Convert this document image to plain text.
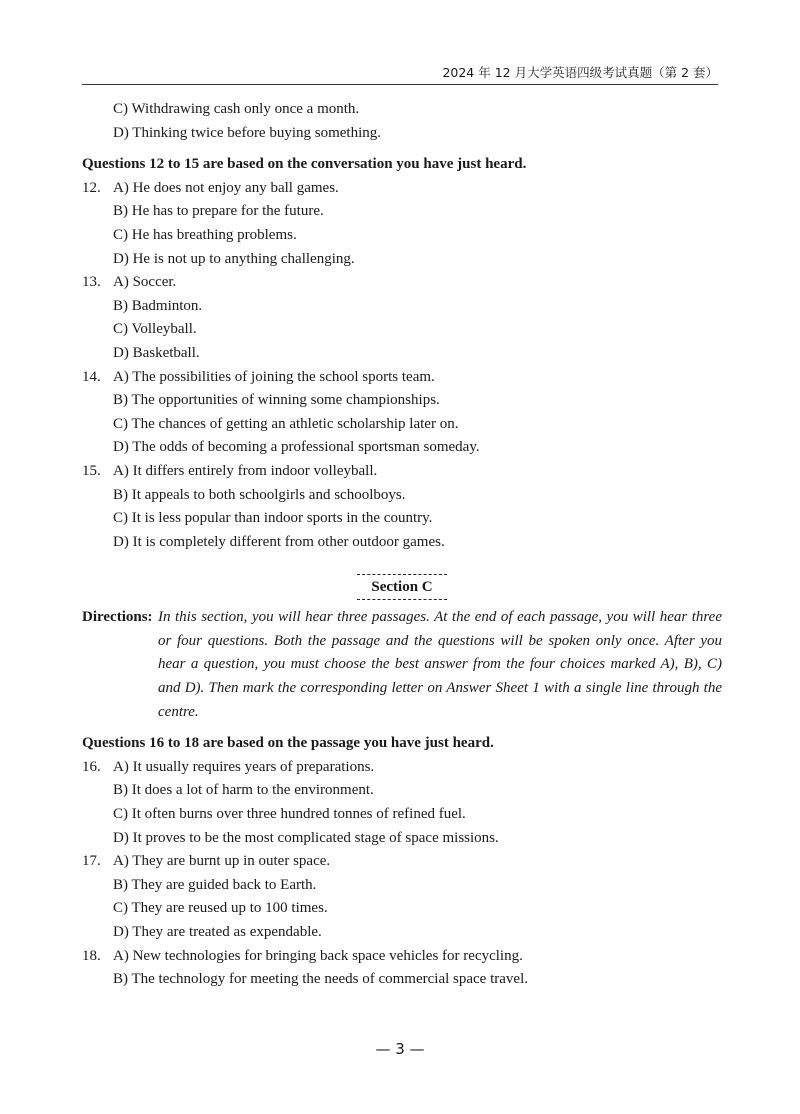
2024 年 12 月大学英语四级考试真题（第 2 套）
C) Withdrawing cash only once a month.
D) Thinking twice before buying something.
Questions 12 to 15 are based on the conversation you have just heard.
12. A) He does not enjoy any ball games.
B) He has to prepare for the future.
C) He has breathing problems.
D) He is not up to anything challenging.
13. A) Soccer.
B) Badminton.
C) Volleyball.
D) Basketball.
14. A) The possibilities of joining the school sports team.
B) The opportunities of winning some championships.
C) The chances of getting an athletic scholarship later on.
D) The odds of becoming a professional sportsman someday.
15. A) It differs entirely from indoor volleyball.
B) It appeals to both schoolgirls and schoolboys.
C) It is less popular than indoor sports in the country.
D) It is completely different from other outdoor games.
Section C
Directions: In this section, you will hear three passages. At the end of each passage, you will hear three or four questions. Both the passage and the questions will be spoken only once. After you hear a question, you must choose the best answer from the four choices marked A), B), C) and D). Then mark the corresponding letter on Answer Sheet 1 with a single line through the centre.
Questions 16 to 18 are based on the passage you have just heard.
16. A) It usually requires years of preparations.
B) It does a lot of harm to the environment.
C) It often burns over three hundred tonnes of refined fuel.
D) It proves to be the most complicated stage of space missions.
17. A) They are burnt up in outer space.
B) They are guided back to Earth.
C) They are reused up to 100 times.
D) They are treated as expendable.
18. A) New technologies for bringing back space vehicles for recycling.
B) The technology for meeting the needs of commercial space travel.
— 3 —
